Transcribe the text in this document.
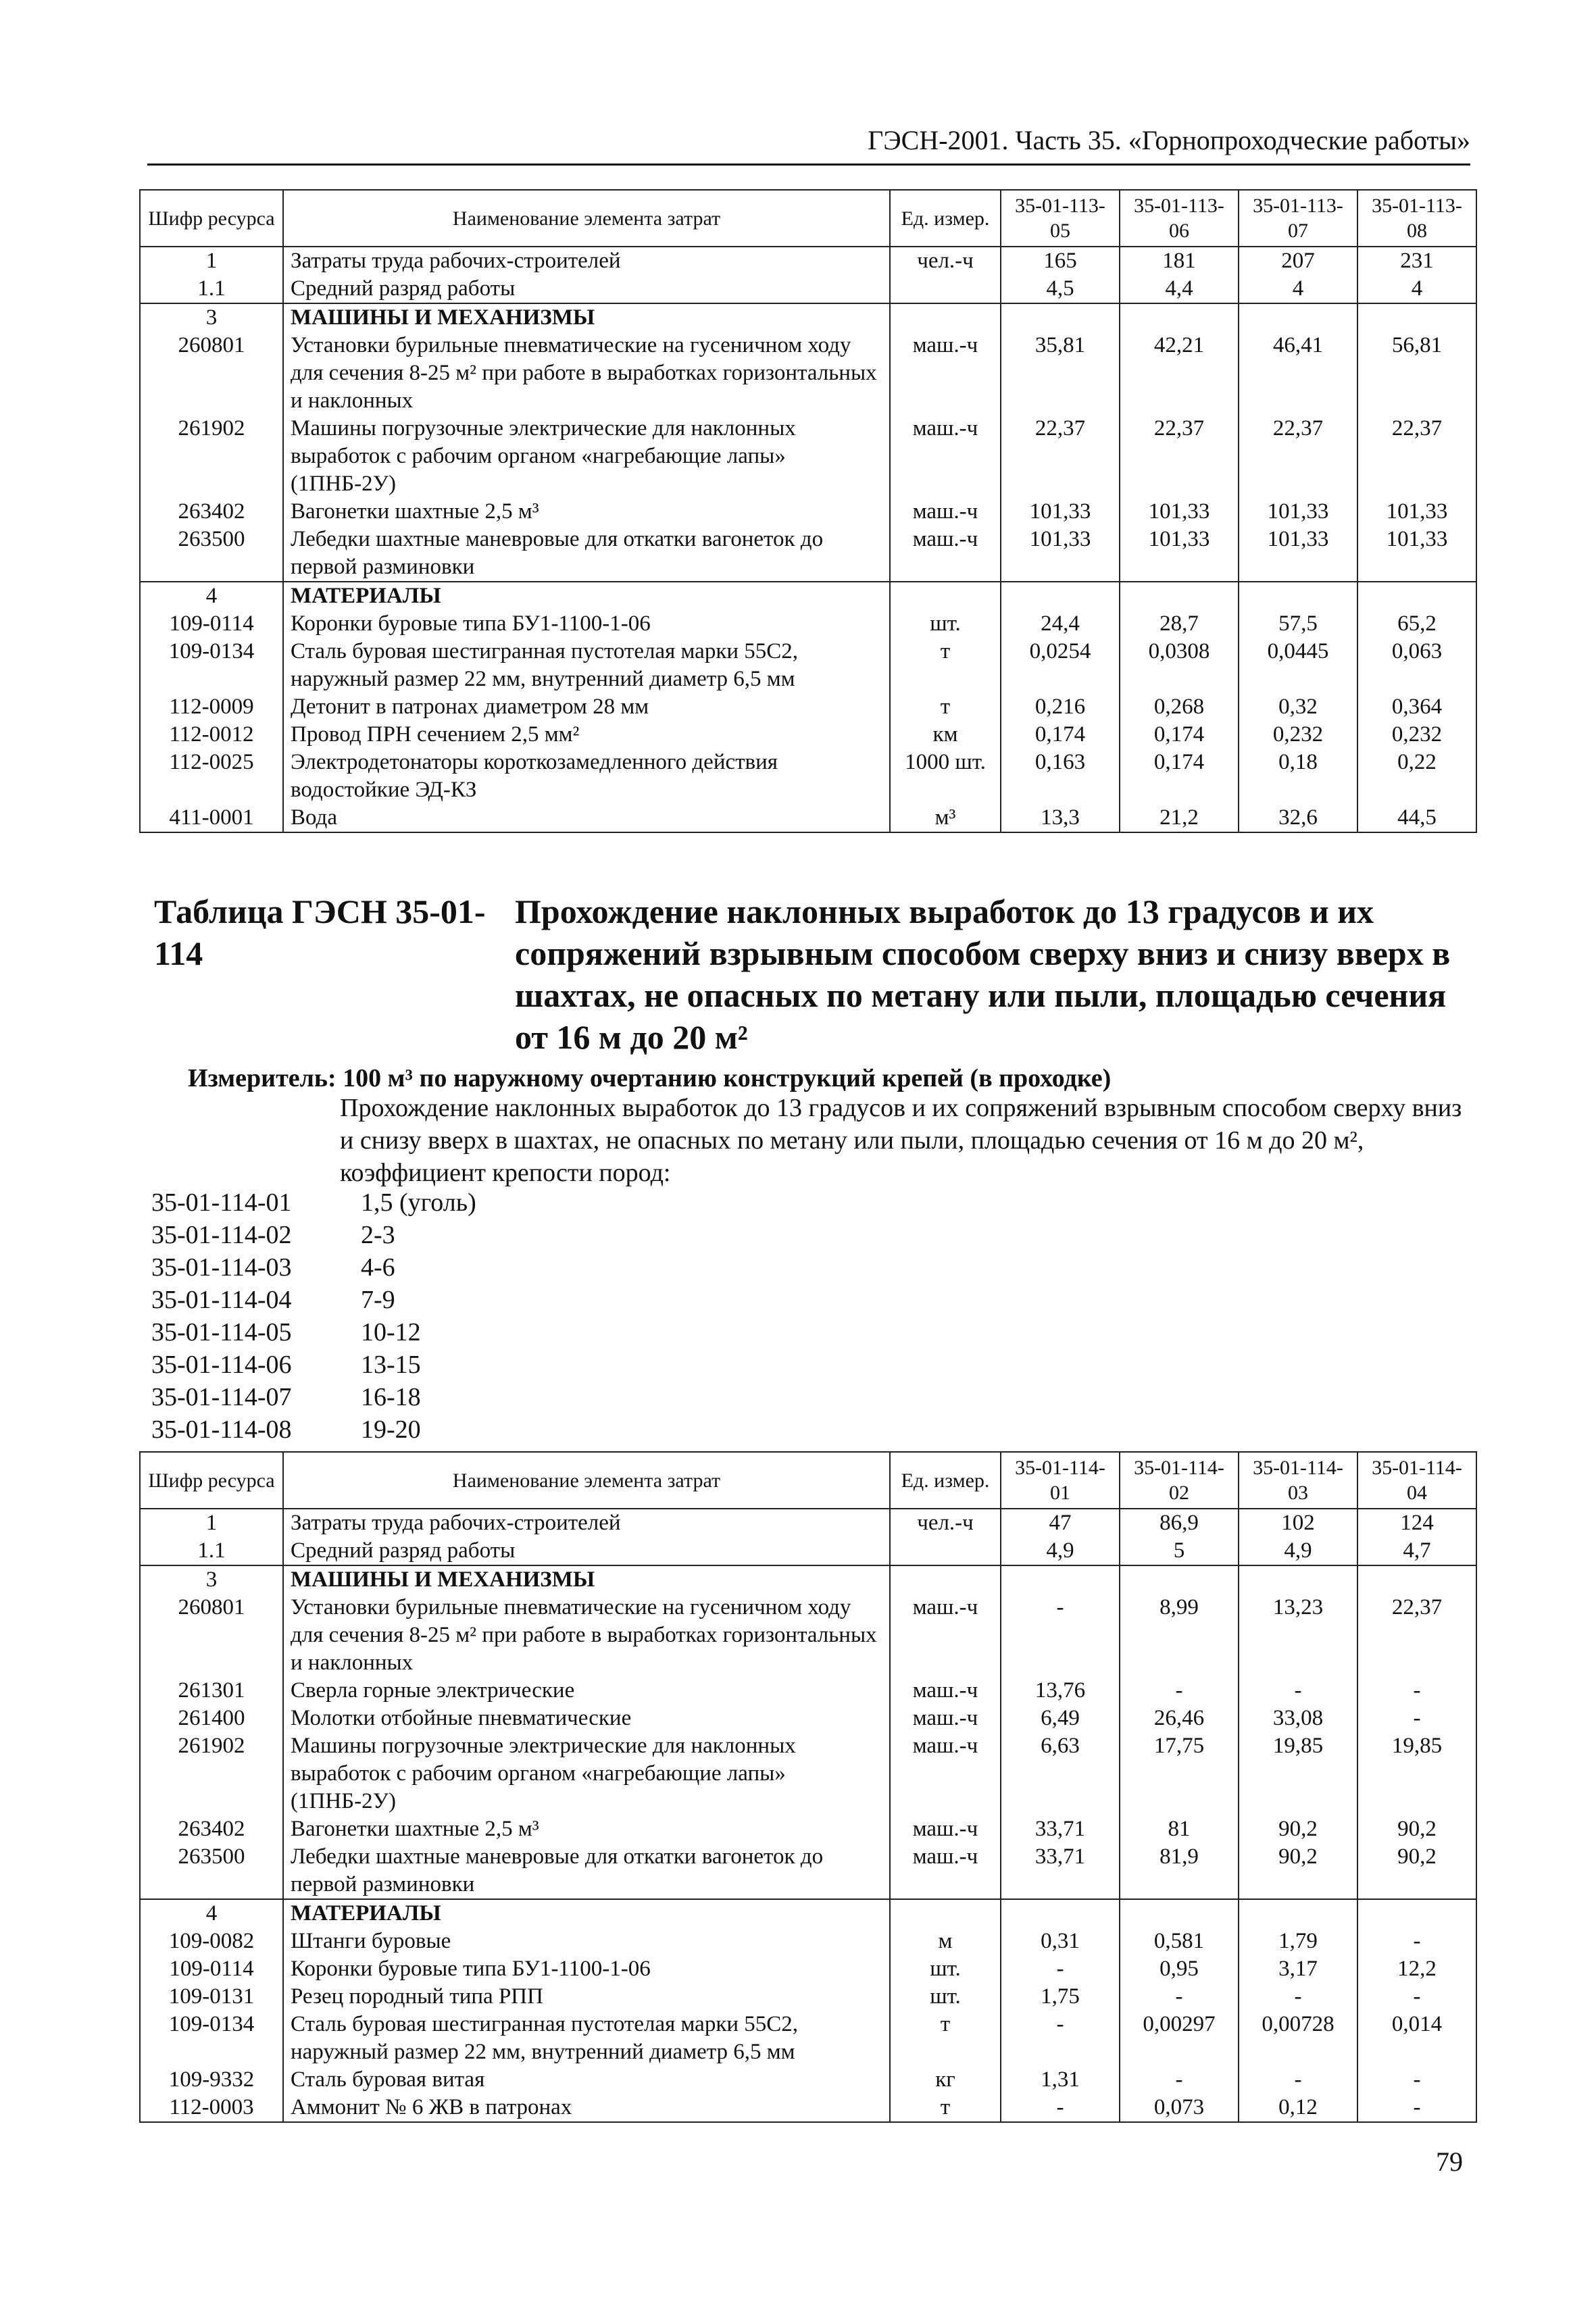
ГЭСН-2001. Часть 35. «Горнопроходческие работы»
Шифр ресурса	Наименование элемента затрат	Ед. измер.	35-01-113-05	35-01-113-06	35-01-113-07	35-01-113-08
1	Затраты труда рабочих-строителей	чел.-ч	165	181	207	231
1.1	Средний разряд работы		4,5	4,4	4	4
3	МАШИНЫ И МЕХАНИЗМЫ					
260801	Установки бурильные пневматические на гусеничном ходу для сечения 8-25 м² при работе в выработках горизонтальных и наклонных	маш.-ч	35,81	42,21	46,41	56,81
261902	Машины погрузочные электрические для наклонных выработок с рабочим органом «нагребающие лапы» (1ПНБ-2У)	маш.-ч	22,37	22,37	22,37	22,37
263402	Вагонетки шахтные 2,5 м³	маш.-ч	101,33	101,33	101,33	101,33
263500	Лебедки шахтные маневровые для откатки вагонеток до первой разминовки	маш.-ч	101,33	101,33	101,33	101,33
4	МАТЕРИАЛЫ					
109-0114	Коронки буровые типа БУ1-1100-1-06	шт.	24,4	28,7	57,5	65,2
109-0134	Сталь буровая шестигранная пустотелая марки 55С2, наружный размер 22 мм, внутренний диаметр 6,5 мм	т	0,0254	0,0308	0,0445	0,063
112-0009	Детонит в патронах диаметром 28 мм	т	0,216	0,268	0,32	0,364
112-0012	Провод ПРН сечением 2,5 мм²	км	0,174	0,174	0,232	0,232
112-0025	Электродетонаторы короткозамедленного действия водостойкие ЭД-КЗ	1000 шт.	0,163	0,174	0,18	0,22
411-0001	Вода	м³	13,3	21,2	32,6	44,5
Таблица ГЭСН 35-01-114
Прохождение наклонных выработок до 13 градусов и их сопряжений взрывным способом сверху вниз и снизу вверх в шахтах, не опасных по метану или пыли, площадью сечения от 16 м до 20 м²
Измеритель: 100 м³ по наружному очертанию конструкций крепей (в проходке)
Прохождение наклонных выработок до 13 градусов и их сопряжений взрывным способом сверху вниз и снизу вверх в шахтах, не опасных по метану или пыли, площадью сечения от 16 м до 20 м², коэффициент крепости пород:
35-01-114-01	1,5 (уголь)
35-01-114-02	2-3
35-01-114-03	4-6
35-01-114-04	7-9
35-01-114-05	10-12
35-01-114-06	13-15
35-01-114-07	16-18
35-01-114-08	19-20
Шифр ресурса	Наименование элемента затрат	Ед. измер.	35-01-114-01	35-01-114-02	35-01-114-03	35-01-114-04
1	Затраты труда рабочих-строителей	чел.-ч	47	86,9	102	124
1.1	Средний разряд работы		4,9	5	4,9	4,7
3	МАШИНЫ И МЕХАНИЗМЫ					
260801	Установки бурильные пневматические на гусеничном ходу для сечения 8-25 м² при работе в выработках горизонтальных и наклонных	маш.-ч	-	8,99	13,23	22,37
261301	Сверла горные электрические	маш.-ч	13,76	-	-	-
261400	Молотки отбойные пневматические	маш.-ч	6,49	26,46	33,08	-
261902	Машины погрузочные электрические для наклонных выработок с рабочим органом «нагребающие лапы» (1ПНБ-2У)	маш.-ч	6,63	17,75	19,85	19,85
263402	Вагонетки шахтные 2,5 м³	маш.-ч	33,71	81	90,2	90,2
263500	Лебедки шахтные маневровые для откатки вагонеток до первой разминовки	маш.-ч	33,71	81,9	90,2	90,2
4	МАТЕРИАЛЫ					
109-0082	Штанги буровые	м	0,31	0,581	1,79	-
109-0114	Коронки буровые типа БУ1-1100-1-06	шт.	-	0,95	3,17	12,2
109-0131	Резец породный типа РПП	шт.	1,75	-	-	-
109-0134	Сталь буровая шестигранная пустотелая марки 55С2, наружный размер 22 мм, внутренний диаметр 6,5 мм	т	-	0,00297	0,00728	0,014
109-9332	Сталь буровая витая	кг	1,31	-	-	-
112-0003	Аммонит № 6 ЖВ в патронах	т	-	0,073	0,12	-
79
